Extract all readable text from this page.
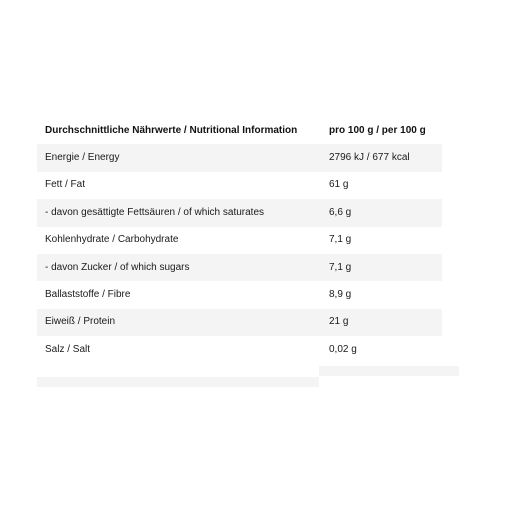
Durchschnittliche Nährwerte / Nutritional Information	pro 100 g / per 100 g
Energie / Energy	2796 kJ / 677 kcal
Fett / Fat	61 g
- davon gesättigte Fettsäuren / of which saturates	6,6 g
Kohlenhydrate / Carbohydrate	7,1 g
- davon Zucker / of which sugars	7,1 g
Ballaststoffe / Fibre	8,9 g
Eiweiß / Protein	21 g
Salz / Salt	0,02 g
